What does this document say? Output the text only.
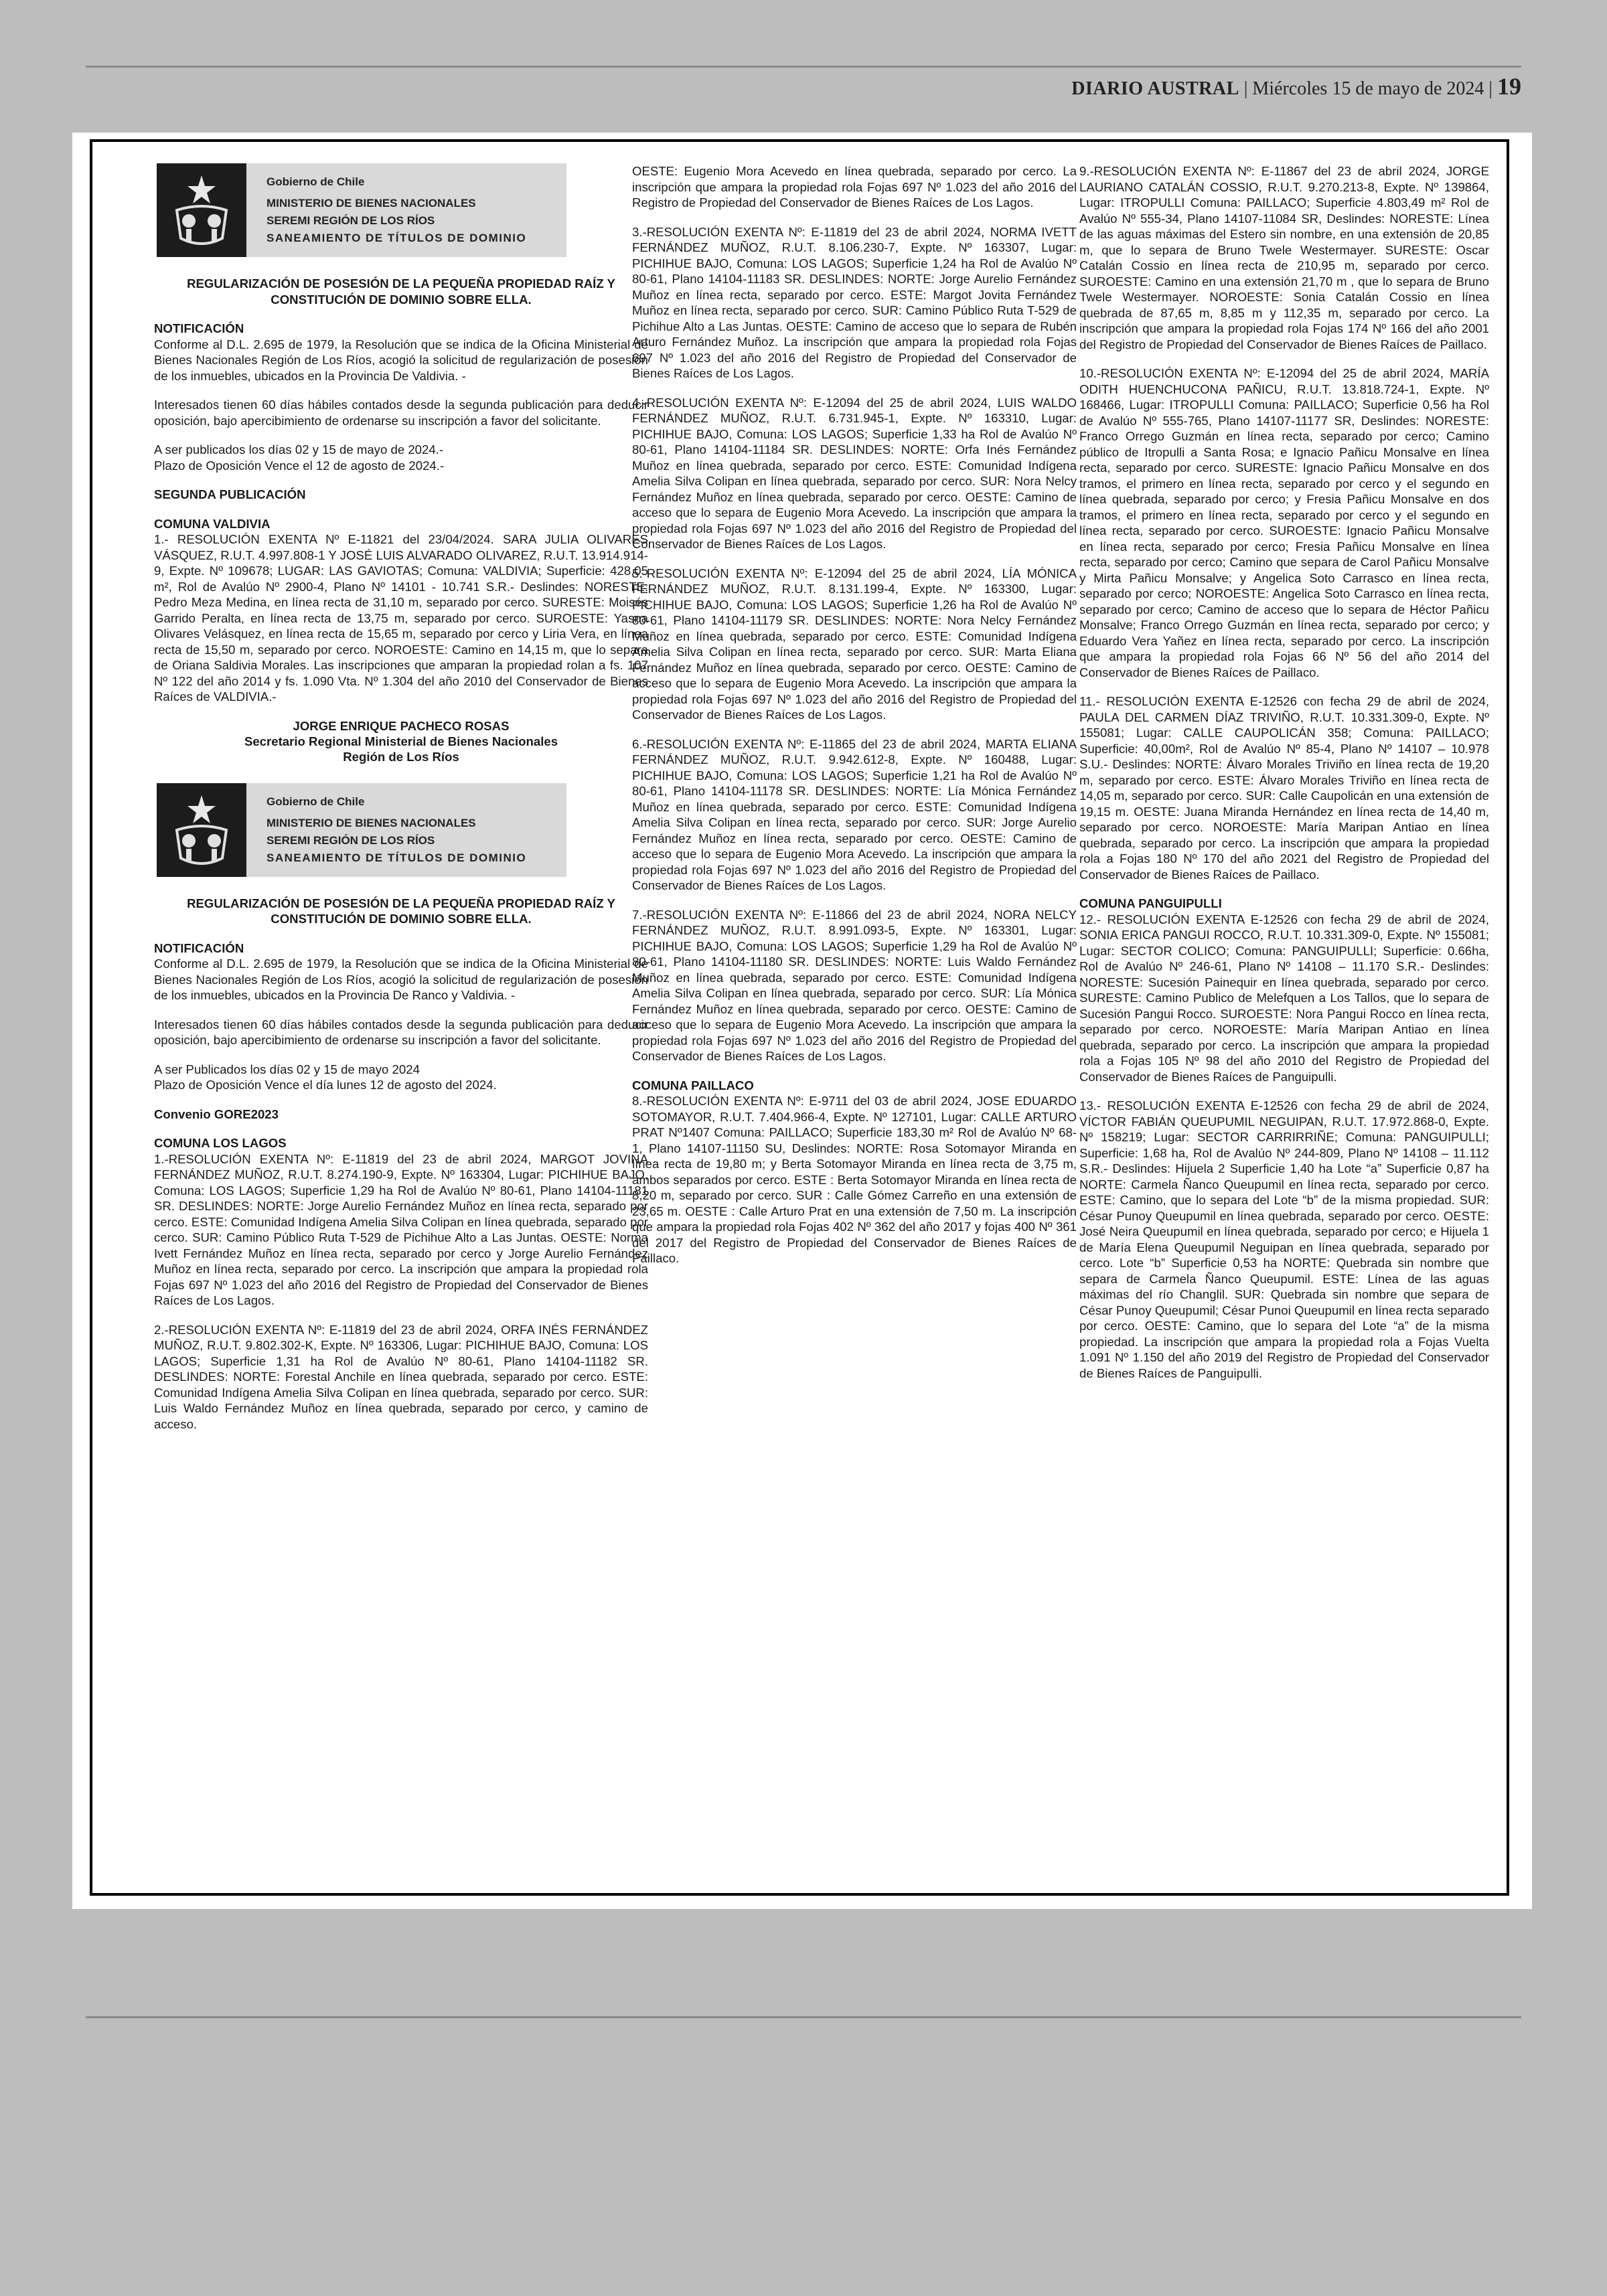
DIARIO AUSTRAL | Miércoles 15 de mayo de 2024 | 19
Gobierno de Chile
MINISTERIO DE BIENES NACIONALES
SEREMI REGIÓN DE LOS RÍOS
SANEAMIENTO DE TÍTULOS DE DOMINIO

REGULARIZACIÓN DE POSESIÓN DE LA PEQUEÑA PROPIEDAD RAÍZ Y CONSTITUCIÓN DE DOMINIO SOBRE ELLA.

NOTIFICACIÓN

Conforme al D.L. 2.695 de 1979, la Resolución que se indica de la Oficina Ministerial de Bienes Nacionales Región de Los Ríos, acogió la solicitud de regularización de posesión de los inmuebles, ubicados en la Provincia De Valdivia. -

Interesados tienen 60 días hábiles contados desde la segunda publicación para deducir oposición, bajo apercibimiento de ordenarse su inscripción a favor del solicitante.

A ser publicados los días 02 y 15 de mayo de 2024.-

Plazo de Oposición Vence el 12 de agosto de 2024.-

SEGUNDA PUBLICACIÓN

COMUNA VALDIVIA

1.- RESOLUCIÓN EXENTA Nº E-11821 del 23/04/2024. SARA JULIA OLIVARES VÁSQUEZ, R.U.T. 4.997.808-1 Y JOSÉ LUIS ALVARADO OLIVAREZ, R.U.T. 13.914.914-9, Expte. Nº 109678; LUGAR: LAS GAVIOTAS; Comuna: VALDIVIA; Superficie: 428,05 m², Rol de Avalúo Nº 2900-4, Plano Nº 14101 - 10.741 S.R.- Deslindes: NORESTE: Pedro Meza Medina, en línea recta de 31,10 m, separado por cerco. SURESTE: Moisés Garrido Peralta, en línea recta de 13,75 m, separado por cerco. SUROESTE: Yasna Olivares Velásquez, en línea recta de 15,65 m, separado por cerco y Liria Vera, en línea recta de 15,50 m, separado por cerco. NOROESTE: Camino en 14,15 m, que lo separa de Oriana Saldivia Morales. Las inscripciones que amparan la propiedad rolan a fs. 107 Nº 122 del año 2014 y fs. 1.090 Vta. Nº 1.304 del año 2010 del Conservador de Bienes Raíces de VALDIVIA.-

JORGE ENRIQUE PACHECO ROSAS
Secretario Regional Ministerial de Bienes Nacionales
Región de Los Ríos
Gobierno de Chile
MINISTERIO DE BIENES NACIONALES
SEREMI REGIÓN DE LOS RÍOS
SANEAMIENTO DE TÍTULOS DE DOMINIO

REGULARIZACIÓN DE POSESIÓN DE LA PEQUEÑA PROPIEDAD RAÍZ Y CONSTITUCIÓN DE DOMINIO SOBRE ELLA.

NOTIFICACIÓN

Conforme al D.L. 2.695 de 1979, la Resolución que se indica de la Oficina Ministerial de Bienes Nacionales Región de Los Ríos, acogió la solicitud de regularización de posesión de los inmuebles, ubicados en la Provincia De Ranco y Valdivia. -

Interesados tienen 60 días hábiles contados desde la segunda publicación para deducir oposición, bajo apercibimiento de ordenarse su inscripción a favor del solicitante.

A ser Publicados los días 02 y 15 de mayo 2024

Plazo de Oposición Vence el día lunes 12 de agosto del 2024.

Convenio GORE2023

COMUNA LOS LAGOS

1.-RESOLUCIÓN EXENTA Nº: E-11819 del 23 de abril 2024, MARGOT JOVINA FERNÁNDEZ MUÑOZ, R.U.T. 8.274.190-9, Expte. Nº 163304, Lugar: PICHIHUE BAJO, Comuna: LOS LAGOS; Superficie 1,29 ha Rol de Avalúo Nº 80-61, Plano 14104-11181 SR. DESLINDES: NORTE: Jorge Aurelio Fernández Muñoz en línea recta, separado por cerco. ESTE: Comunidad Indígena Amelia Silva Colipan en línea quebrada, separado por cerco. SUR: Camino Público Ruta T-529 de Pichihue Alto a Las Juntas. OESTE: Norma Ivett Fernández Muñoz en línea recta, separado por cerco y Jorge Aurelio Fernández Muñoz en línea recta, separado por cerco. La inscripción que ampara la propiedad rola Fojas 697 Nº 1.023 del año 2016 del Registro de Propiedad del Conservador de Bienes Raíces de Los Lagos.

2.-RESOLUCIÓN EXENTA Nº: E-11819 del 23 de abril 2024, ORFA INÉS FERNÁNDEZ MUÑOZ, R.U.T. 9.802.302-K, Expte. Nº 163306, Lugar: PICHIHUE BAJO, Comuna: LOS LAGOS; Superficie 1,31 ha Rol de Avalúo Nº 80-61, Plano 14104-11182 SR. DESLINDES: NORTE: Forestal Anchile en línea quebrada, separado por cerco. ESTE: Comunidad Indígena Amelia Silva Colipan en línea quebrada, separado por cerco. SUR: Luis Waldo Fernández Muñoz en línea quebrada, separado por cerco, y camino de acceso.

OESTE: Eugenio Mora Acevedo en línea quebrada, separado por cerco. La inscripción que ampara la propiedad rola Fojas 697 Nº 1.023 del año 2016 del Registro de Propiedad del Conservador de Bienes Raíces de Los Lagos.

3.-RESOLUCIÓN EXENTA Nº: E-11819 del 23 de abril 2024, NORMA IVETT FERNÁNDEZ MUÑOZ, R.U.T. 8.106.230-7, Expte. Nº 163307, Lugar: PICHIHUE BAJO, Comuna: LOS LAGOS; Superficie 1,24 ha Rol de Avalúo Nº 80-61, Plano 14104-11183 SR. DESLINDES: NORTE: Jorge Aurelio Fernández Muñoz en línea recta, separado por cerco. ESTE: Margot Jovita Fernández Muñoz en línea recta, separado por cerco. SUR: Camino Público Ruta T-529 de Pichihue Alto a Las Juntas. OESTE: Camino de acceso que lo separa de Rubén Arturo Fernández Muñoz. La inscripción que ampara la propiedad rola Fojas 697 Nº 1.023 del año 2016 del Registro de Propiedad del Conservador de Bienes Raíces de Los Lagos.

4.-RESOLUCIÓN EXENTA Nº: E-12094 del 25 de abril 2024, LUIS WALDO FERNÁNDEZ MUÑOZ, R.U.T. 6.731.945-1, Expte. Nº 163310, Lugar: PICHIHUE BAJO, Comuna: LOS LAGOS; Superficie 1,33 ha Rol de Avalúo Nº 80-61, Plano 14104-11184 SR. DESLINDES: NORTE: Orfa Inés Fernández Muñoz en línea quebrada, separado por cerco. ESTE: Comunidad Indígena Amelia Silva Colipan en línea quebrada, separado por cerco. SUR: Nora Nelcy Fernández Muñoz en línea quebrada, separado por cerco. OESTE: Camino de acceso que lo separa de Eugenio Mora Acevedo. La inscripción que ampara la propiedad rola Fojas 697 Nº 1.023 del año 2016 del Registro de Propiedad del Conservador de Bienes Raíces de Los Lagos.

5.-RESOLUCIÓN EXENTA Nº: E-12094 del 25 de abril 2024, LÍA MÓNICA FERNÁNDEZ MUÑOZ, R.U.T. 8.131.199-4, Expte. Nº 163300, Lugar: PICHIHUE BAJO, Comuna: LOS LAGOS; Superficie 1,26 ha Rol de Avalúo Nº 80-61, Plano 14104-11179 SR. DESLINDES: NORTE: Nora Nelcy Fernández Muñoz en línea quebrada, separado por cerco. ESTE: Comunidad Indígena Amelia Silva Colipan en línea recta, separado por cerco. SUR: Marta Eliana Fernández Muñoz en línea quebrada, separado por cerco. OESTE: Camino de acceso que lo separa de Eugenio Mora Acevedo. La inscripción que ampara la propiedad rola Fojas 697 Nº 1.023 del año 2016 del Registro de Propiedad del Conservador de Bienes Raíces de Los Lagos.

6.-RESOLUCIÓN EXENTA Nº: E-11865 del 23 de abril 2024, MARTA ELIANA FERNÁNDEZ MUÑOZ, R.U.T. 9.942.612-8, Expte. Nº 160488, Lugar: PICHIHUE BAJO, Comuna: LOS LAGOS; Superficie 1,21 ha Rol de Avalúo Nº 80-61, Plano 14104-11178 SR. DESLINDES: NORTE: Lía Mónica Fernández Muñoz en línea quebrada, separado por cerco. ESTE: Comunidad Indígena Amelia Silva Colipan en línea recta, separado por cerco. SUR: Jorge Aurelio Fernández Muñoz en línea recta, separado por cerco. OESTE: Camino de acceso que lo separa de Eugenio Mora Acevedo. La inscripción que ampara la propiedad rola Fojas 697 Nº 1.023 del año 2016 del Registro de Propiedad del Conservador de Bienes Raíces de Los Lagos.

7.-RESOLUCIÓN EXENTA Nº: E-11866 del 23 de abril 2024, NORA NELCY FERNÁNDEZ MUÑOZ, R.U.T. 8.991.093-5, Expte. Nº 163301, Lugar: PICHIHUE BAJO, Comuna: LOS LAGOS; Superficie 1,29 ha Rol de Avalúo Nº 80-61, Plano 14104-11180 SR. DESLINDES: NORTE: Luis Waldo Fernández Muñoz en línea quebrada, separado por cerco. ESTE: Comunidad Indígena Amelia Silva Colipan en línea quebrada, separado por cerco. SUR: Lía Mónica Fernández Muñoz en línea quebrada, separado por cerco. OESTE: Camino de acceso que lo separa de Eugenio Mora Acevedo. La inscripción que ampara la propiedad rola Fojas 697 Nº 1.023 del año 2016 del Registro de Propiedad del Conservador de Bienes Raíces de Los Lagos.

COMUNA PAILLACO

8.-RESOLUCIÓN EXENTA Nº: E-9711 del 03 de abril 2024, JOSE EDUARDO SOTOMAYOR, R.U.T. 7.404.966-4, Expte. Nº 127101, Lugar: CALLE ARTURO PRAT Nº1407 Comuna: PAILLACO; Superficie 183,30 m² Rol de Avalúo Nº 68-1, Plano 14107-11150 SU, Deslindes: NORTE: Rosa Sotomayor Miranda en línea recta de 19,80 m; y Berta Sotomayor Miranda en línea recta de 3,75 m, ambos separados por cerco. ESTE : Berta Sotomayor Miranda en línea recta de 8,20 m, separado por cerco. SUR : Calle Gómez Carreño en una extensión de 23,65 m. OESTE : Calle Arturo Prat en una extensión de 7,50 m. La inscripción que ampara la propiedad rola Fojas 402 Nº 362 del año 2017 y fojas 400 Nº 361 del 2017 del Registro de Propiedad del Conservador de Bienes Raíces de Paillaco.

9.-RESOLUCIÓN EXENTA Nº: E-11867 del 23 de abril 2024, JORGE LAURIANO CATALÁN COSSIO, R.U.T. 9.270.213-8, Expte. Nº 139864, Lugar: ITROPULLI Comuna: PAILLACO; Superficie 4.803,49 m² Rol de Avalúo Nº 555-34, Plano 14107-11084 SR, Deslindes: NORESTE: Línea de las aguas máximas del Estero sin nombre, en una extensión de 20,85 m, que lo separa de Bruno Twele Westermayer. SURESTE: Oscar Catalán Cossio en línea recta de 210,95 m, separado por cerco. SUROESTE: Camino en una extensión 21,70 m , que lo separa de Bruno Twele Westermayer. NOROESTE: Sonia Catalán Cossio en línea quebrada de 87,65 m, 8,85 m y 112,35 m, separado por cerco. La inscripción que ampara la propiedad rola Fojas 174 Nº 166 del año 2001 del Registro de Propiedad del Conservador de Bienes Raíces de Paillaco.

10.-RESOLUCIÓN EXENTA Nº: E-12094 del 25 de abril 2024, MARÍA ODITH HUENCHUCONA PAÑICU, R.U.T. 13.818.724-1, Expte. Nº 168466, Lugar: ITROPULLI Comuna: PAILLACO; Superficie 0,56 ha Rol de Avalúo Nº 555-765, Plano 14107-11177 SR, Deslindes: NORESTE: Franco Orrego Guzmán en línea recta, separado por cerco; Camino público de Itropulli a Santa Rosa; e Ignacio Pañicu Monsalve en línea recta, separado por cerco. SURESTE: Ignacio Pañicu Monsalve en dos tramos, el primero en línea recta, separado por cerco y el segundo en línea quebrada, separado por cerco; y Fresia Pañicu Monsalve en dos tramos, el primero en línea recta, separado por cerco y el segundo en línea recta, separado por cerco. SUROESTE: Ignacio Pañicu Monsalve en línea recta, separado por cerco; Fresia Pañicu Monsalve en línea recta, separado por cerco; Camino que separa de Carol Pañicu Monsalve y Mirta Pañicu Monsalve; y Angelica Soto Carrasco en línea recta, separado por cerco; NOROESTE: Angelica Soto Carrasco en línea recta, separado por cerco; Camino de acceso que lo separa de Héctor Pañicu Monsalve; Franco Orrego Guzmán en línea recta, separado por cerco; y Eduardo Vera Yañez en línea recta, separado por cerco. La inscripción que ampara la propiedad rola Fojas 66 Nº 56 del año 2014 del Conservador de Bienes Raíces de Paillaco.

11.- RESOLUCIÓN EXENTA E-12526 con fecha 29 de abril de 2024, PAULA DEL CARMEN DÍAZ TRIVIÑO, R.U.T. 10.331.309-0, Expte. Nº 155081; Lugar: CALLE CAUPOLICÁN 358; Comuna: PAILLACO; Superficie: 40,00m², Rol de Avalúo Nº 85-4, Plano Nº 14107 – 10.978 S.U.- Deslindes: NORTE: Álvaro Morales Triviño en línea recta de 19,20 m, separado por cerco. ESTE: Álvaro Morales Triviño en línea recta de 14,05 m, separado por cerco. SUR: Calle Caupolicán en una extensión de 19,15 m. OESTE: Juana Miranda Hernández en línea recta de 14,40 m, separado por cerco. NOROESTE: María Maripan Antiao en línea quebrada, separado por cerco. La inscripción que ampara la propiedad rola a Fojas 180 Nº 170 del año 2021 del Registro de Propiedad del Conservador de Bienes Raíces de Paillaco.

COMUNA PANGUIPULLI

12.- RESOLUCIÓN EXENTA E-12526 con fecha 29 de abril de 2024, SONIA ERICA PANGUI ROCCO, R.U.T. 10.331.309-0, Expte. Nº 155081; Lugar: SECTOR COLICO; Comuna: PANGUIPULLI; Superficie: 0.66ha, Rol de Avalúo Nº 246-61, Plano Nº 14108 – 11.170 S.R.- Deslindes: NORESTE: Sucesión Painequir en línea quebrada, separado por cerco. SURESTE: Camino Publico de Melefquen a Los Tallos, que lo separa de Sucesión Pangui Rocco. SUROESTE: Nora Pangui Rocco en línea recta, separado por cerco. NOROESTE: María Maripan Antiao en línea quebrada, separado por cerco. La inscripción que ampara la propiedad rola a Fojas 105 Nº 98 del año 2010 del Registro de Propiedad del Conservador de Bienes Raíces de Panguipulli.

13.- RESOLUCIÓN EXENTA E-12526 con fecha 29 de abril de 2024, VÍCTOR FABIÁN QUEUPUMIL NEGUIPAN, R.U.T. 17.972.868-0, Expte. Nº 158219; Lugar: SECTOR CARRIRRIÑE; Comuna: PANGUIPULLI; Superficie: 1,68 ha, Rol de Avalúo Nº 244-809, Plano Nº 14108 – 11.112 S.R.- Deslindes: Hijuela 2 Superficie 1,40 ha Lote “a” Superficie 0,87 ha NORTE: Carmela Ñanco Queupumil en línea recta, separado por cerco. ESTE: Camino, que lo separa del Lote “b” de la misma propiedad. SUR: César Punoy Queupumil en línea quebrada, separado por cerco. OESTE: José Neira Queupumil en línea quebrada, separado por cerco; e Hijuela 1 de María Elena Queupumil Neguipan en línea quebrada, separado por cerco. Lote “b” Superficie 0,53 ha NORTE: Quebrada sin nombre que separa de Carmela Ñanco Queupumil. ESTE: Línea de las aguas máximas del río Changlil. SUR: Quebrada sin nombre que separa de César Punoy Queupumil; César Punoi Queupumil en línea recta separado por cerco. OESTE: Camino, que lo separa del Lote “a” de la misma propiedad. La inscripción que ampara la propiedad rola a Fojas Vuelta 1.091 Nº 1.150 del año 2019 del Registro de Propiedad del Conservador de Bienes Raíces de Panguipulli.
